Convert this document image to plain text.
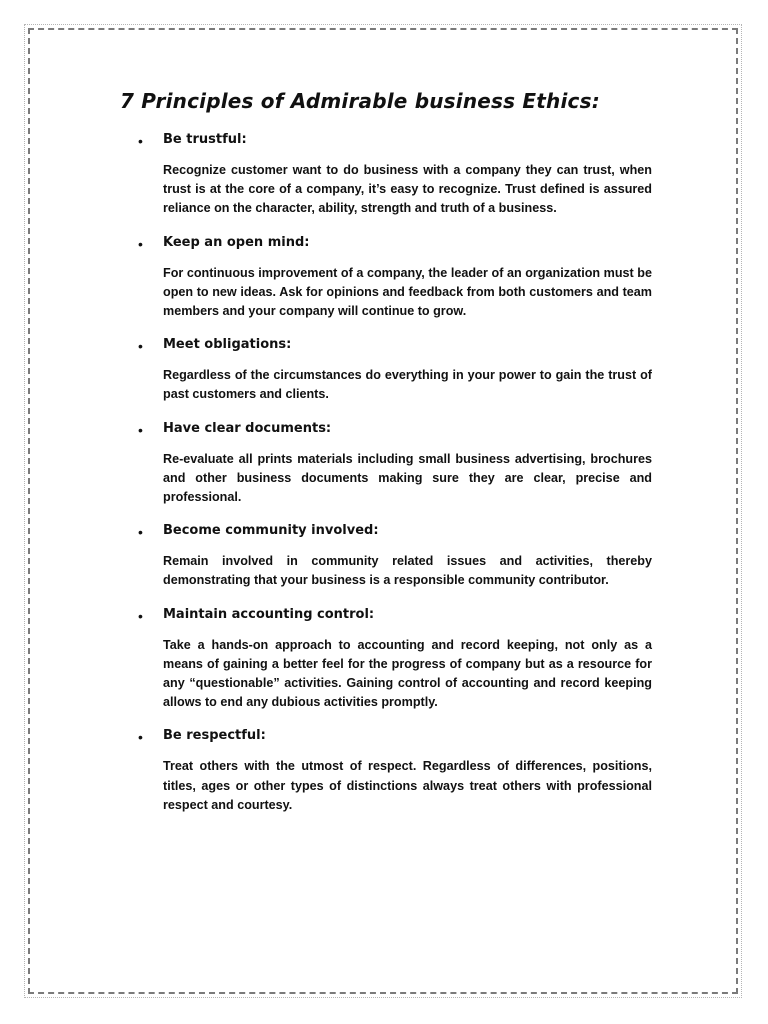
7 Principles of Admirable business Ethics:
• Be trustful:

Recognize customer want to do business with a company they can trust, when trust is at the core of a company, it’s easy to recognize. Trust defined is assured reliance on the character, ability, strength and truth of a business.

• Keep an open mind:

For continuous improvement of a company, the leader of an organization must be open to new ideas. Ask for opinions and feedback from both customers and team members and your company will continue to grow.

• Meet obligations:

Regardless of the circumstances do everything in your power to gain the trust of past customers and clients.

• Have clear documents:

Re-evaluate all prints materials including small business advertising, brochures and other business documents making sure they are clear, precise and professional.

• Become community involved:

Remain involved in community related issues and activities, thereby demonstrating that your business is a responsible community contributor.

• Maintain accounting control:

Take a hands-on approach to accounting and record keeping, not only as a means of gaining a better feel for the progress of company but as a resource for any “questionable” activities. Gaining control of accounting and record keeping allows to end any dubious activities promptly.

• Be respectful:

Treat others with the utmost of respect. Regardless of differences, positions, titles, ages or other types of distinctions always treat others with professional respect and courtesy.
